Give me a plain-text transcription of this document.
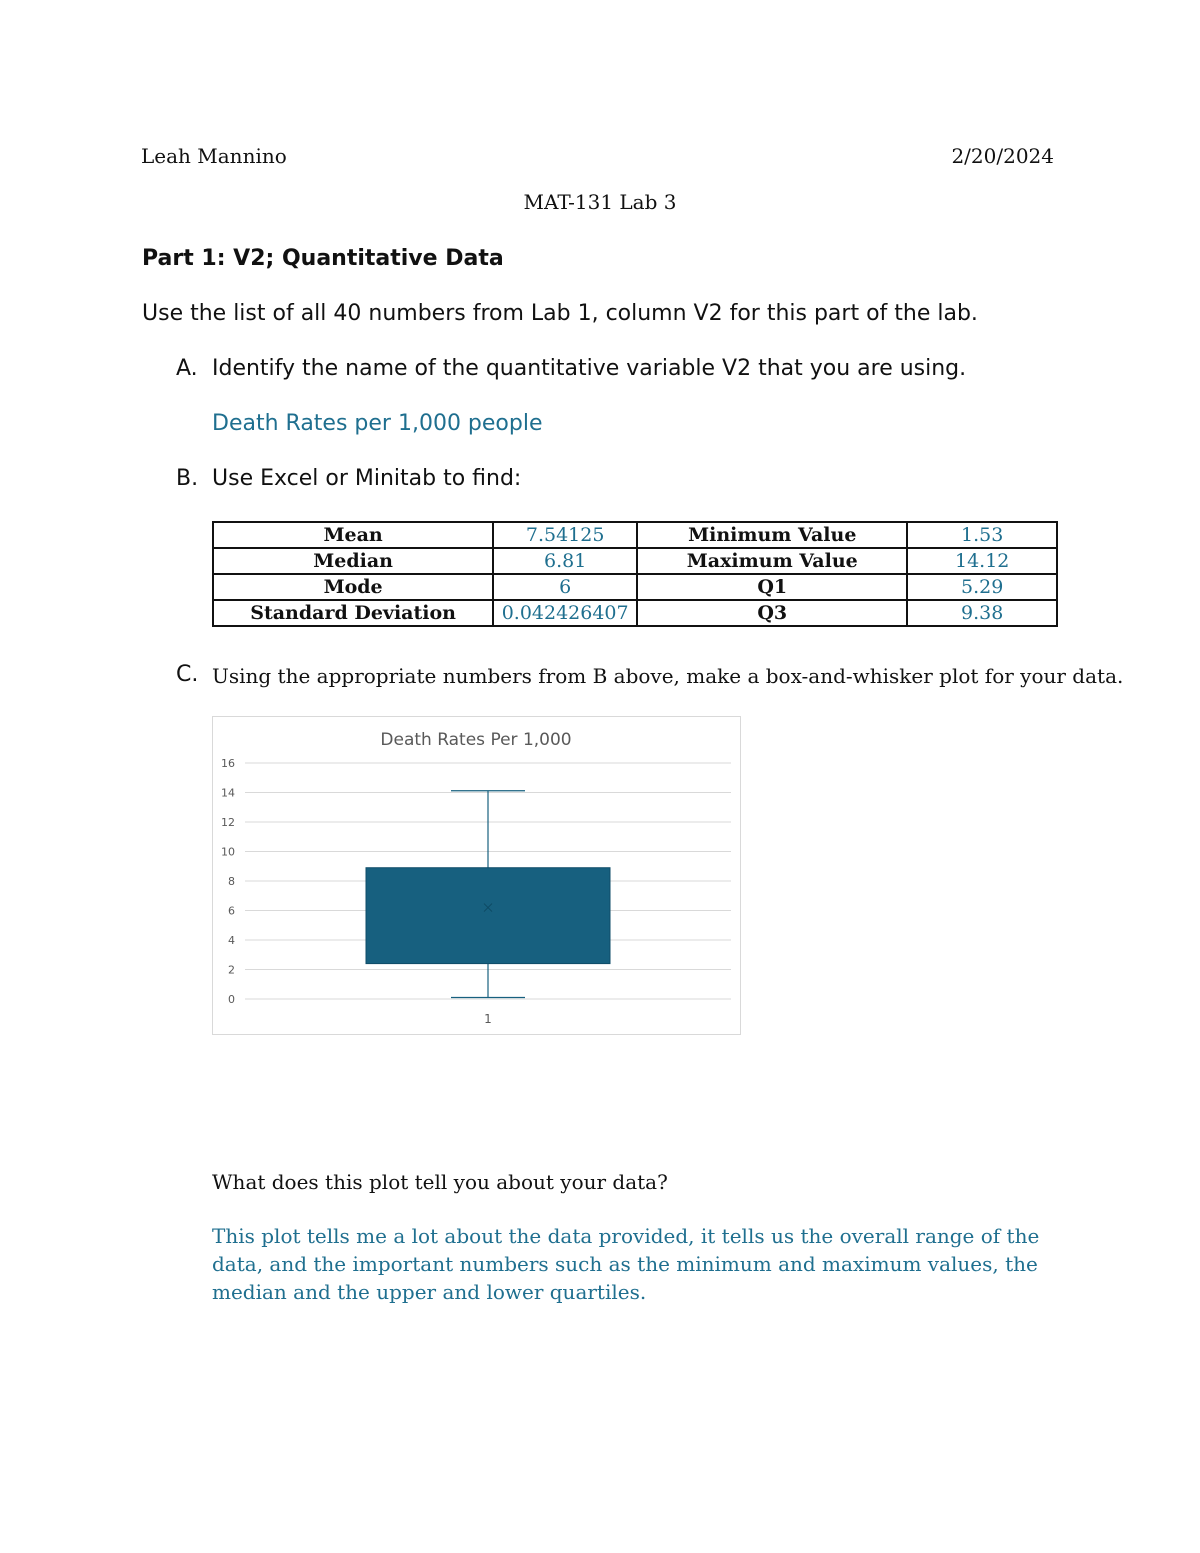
Leah Mannino	2/20/2024
MAT-131 Lab 3
Part 1: V2; Quantitative Data
Use the list of all 40 numbers from Lab 1, column V2 for this part of the lab.
A. Identify the name of the quantitative variable V2 that you are using.
Death Rates per 1,000 people
B. Use Excel or Minitab to find:
Mean	7.54125	Minimum Value	1.53
Median	6.81	Maximum Value	14.12
Mode	6	Q1	5.29
Standard Deviation	0.042426407	Q3	9.38
C. Using the appropriate numbers from B above, make a box-and-whisker plot for your data.
Death Rates Per 1,000
0
2
4
6
8
10
12
14
16
1
What does this plot tell you about your data?
This plot tells me a lot about the data provided, it tells us the overall range of the data, and the important numbers such as the minimum and maximum values, the median and the upper and lower quartiles.
